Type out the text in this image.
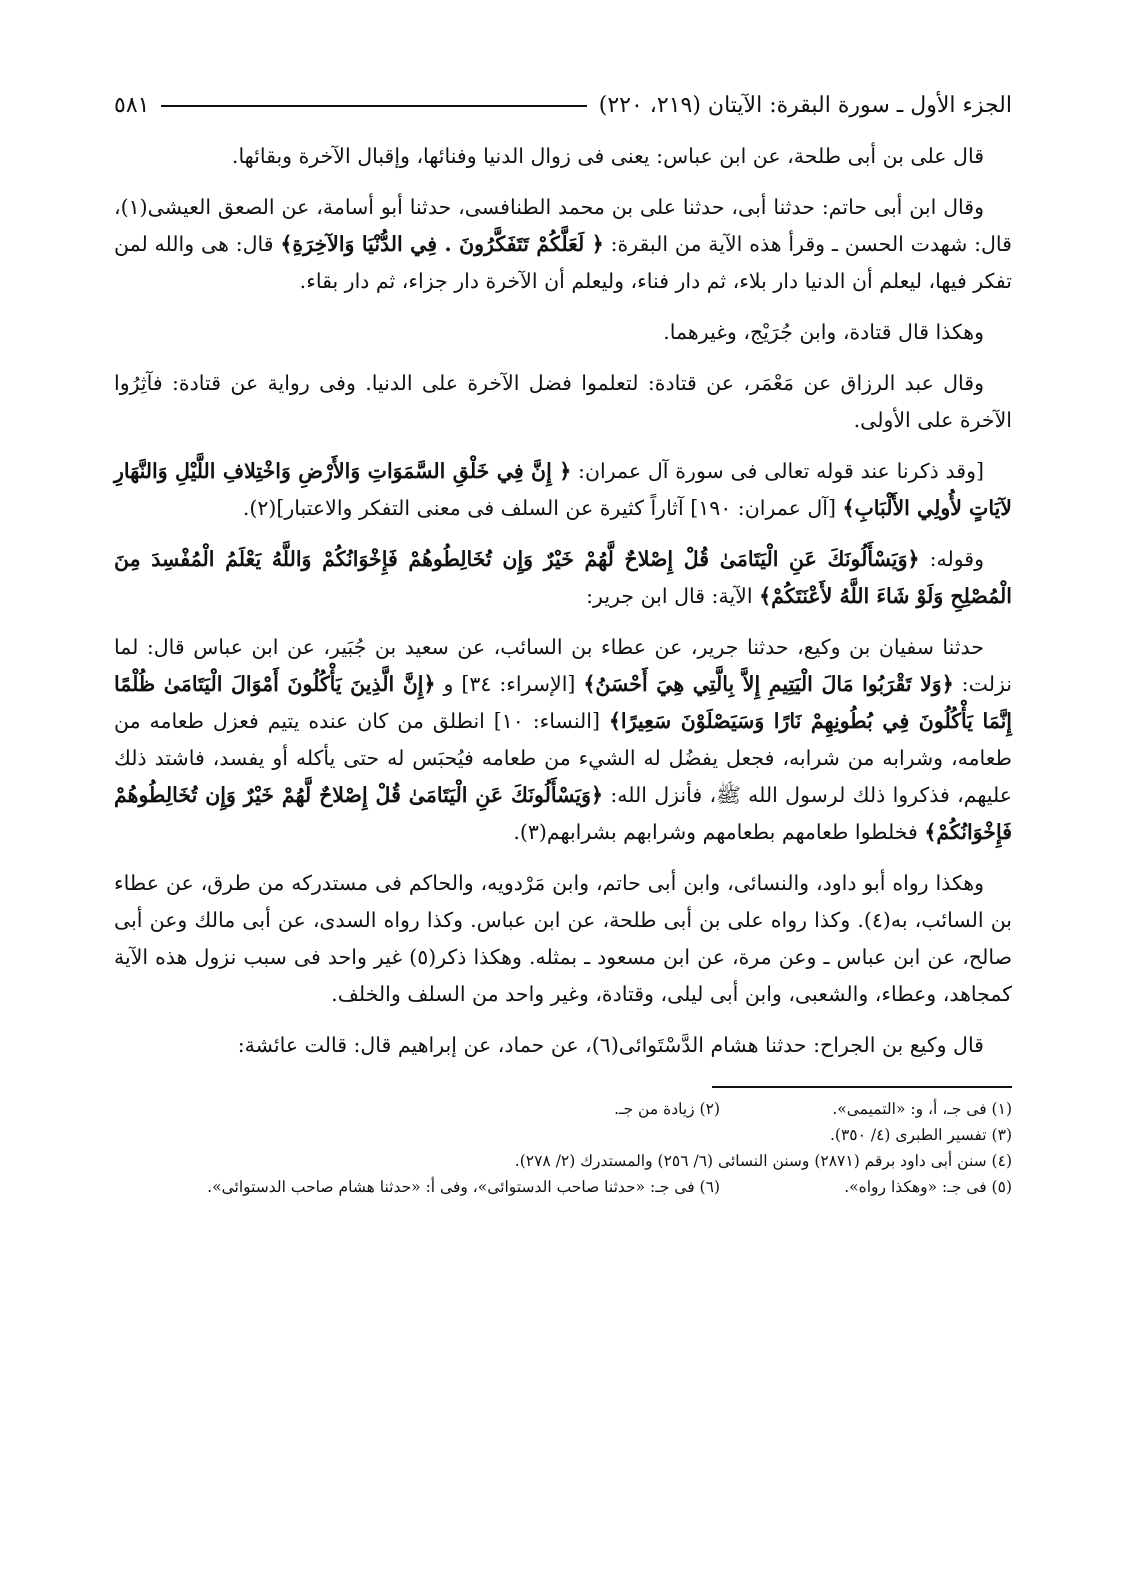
الجزء الأول ـ سورة البقرة: الآيتان (٢١٩، ٢٢٠)
٥٨١

قال على بن أبى طلحة، عن ابن عباس: يعنى فى زوال الدنيا وفنائها، وإقبال الآخرة وبقائها.

وقال ابن أبى حاتم: حدثنا أبى، حدثنا على بن محمد الطنافسى، حدثنا أبو أسامة، عن الصعق العيشى(١)، قال: شهدت الحسن ـ وقرأ هذه الآية من البقرة: ﴿ لَعَلَّكُمْ تَتَفَكَّرُونَ . فِي الدُّنْيَا وَالآخِرَةِ﴾ قال: هى والله لمن تفكر فيها، ليعلم أن الدنيا دار بلاء، ثم دار فناء، وليعلم أن الآخرة دار جزاء، ثم دار بقاء.

وهكذا قال قتادة، وابن جُرَيْج، وغيرهما.

وقال عبد الرزاق عن مَعْمَر، عن قتادة: لتعلموا فضل الآخرة على الدنيا. وفى رواية عن قتادة: فآثِرُوا الآخرة على الأولى.

[وقد ذكرنا عند قوله تعالى فى سورة آل عمران: ﴿ إِنَّ فِي خَلْقِ السَّمَوَاتِ وَالأَرْضِ وَاخْتِلافِ اللَّيْلِ وَالنَّهَارِ لآيَاتٍ لأُولِي الأَلْبَابِ﴾ [آل عمران: ١٩٠] آثاراً كثيرة عن السلف فى معنى التفكر والاعتبار](٢).

وقوله: ﴿وَيَسْأَلُونَكَ عَنِ الْيَتَامَىٰ قُلْ إِصْلاحٌ لَّهُمْ خَيْرٌ وَإِن تُخَالِطُوهُمْ فَإِخْوَانُكُمْ وَاللَّهُ يَعْلَمُ الْمُفْسِدَ مِنَ الْمُصْلِحِ وَلَوْ شَاءَ اللَّهُ لأَعْنَتَكُمْ﴾ الآية: قال ابن جرير:

حدثنا سفيان بن وكيع، حدثنا جرير، عن عطاء بن السائب، عن سعيد بن جُبَير، عن ابن عباس قال: لما نزلت: ﴿وَلا تَقْرَبُوا مَالَ الْيَتِيمِ إِلاَّ بِالَّتِي هِيَ أَحْسَنُ﴾ [الإسراء: ٣٤] و ﴿إِنَّ الَّذِينَ يَأْكُلُونَ أَمْوَالَ الْيَتَامَىٰ ظُلْمًا إِنَّمَا يَأْكُلُونَ فِي بُطُونِهِمْ نَارًا وَسَيَصْلَوْنَ سَعِيرًا﴾ [النساء: ١٠] انطلق من كان عنده يتيم فعزل طعامه من طعامه، وشرابه من شرابه، فجعل يفضُل له الشيء من طعامه فيُحبَس له حتى يأكله أو يفسد، فاشتد ذلك عليهم، فذكروا ذلك لرسول الله ﷺ، فأنزل الله: ﴿وَيَسْأَلُونَكَ عَنِ الْيَتَامَىٰ قُلْ إِصْلاحٌ لَّهُمْ خَيْرٌ وَإِن تُخَالِطُوهُمْ فَإِخْوَانُكُمْ﴾ فخلطوا طعامهم بطعامهم وشرابهم بشرابهم(٣).

وهكذا رواه أبو داود، والنسائى، وابن أبى حاتم، وابن مَرْدويه، والحاكم فى مستدركه من طرق، عن عطاء بن السائب، به(٤). وكذا رواه على بن أبى طلحة، عن ابن عباس. وكذا رواه السدى، عن أبى مالك وعن أبى صالح، عن ابن عباس ـ وعن مرة، عن ابن مسعود ـ بمثله. وهكذا ذكر(٥) غير واحد فى سبب نزول هذه الآية كمجاهد، وعطاء، والشعبى، وابن أبى ليلى، وقتادة، وغير واحد من السلف والخلف.

قال وكيع بن الجراح: حدثنا هشام الدَّسْتَوائى(٦)، عن حماد، عن إبراهيم قال: قالت عائشة:

(١) فى جـ، أ، و: «التميمى».
(٢) زيادة من جـ.
(٣) تفسير الطبرى (٤/ ٣٥٠).
(٤) سنن أبى داود برقم (٢٨٧١) وسنن النسائى (٦/ ٢٥٦) والمستدرك (٢/ ٢٧٨).
(٥) فى جـ: «وهكذا رواه».
(٦) فى جـ: «حدثنا صاحب الدستوائى»، وفى أ: «حدثنا هشام صاحب الدستوائى».
